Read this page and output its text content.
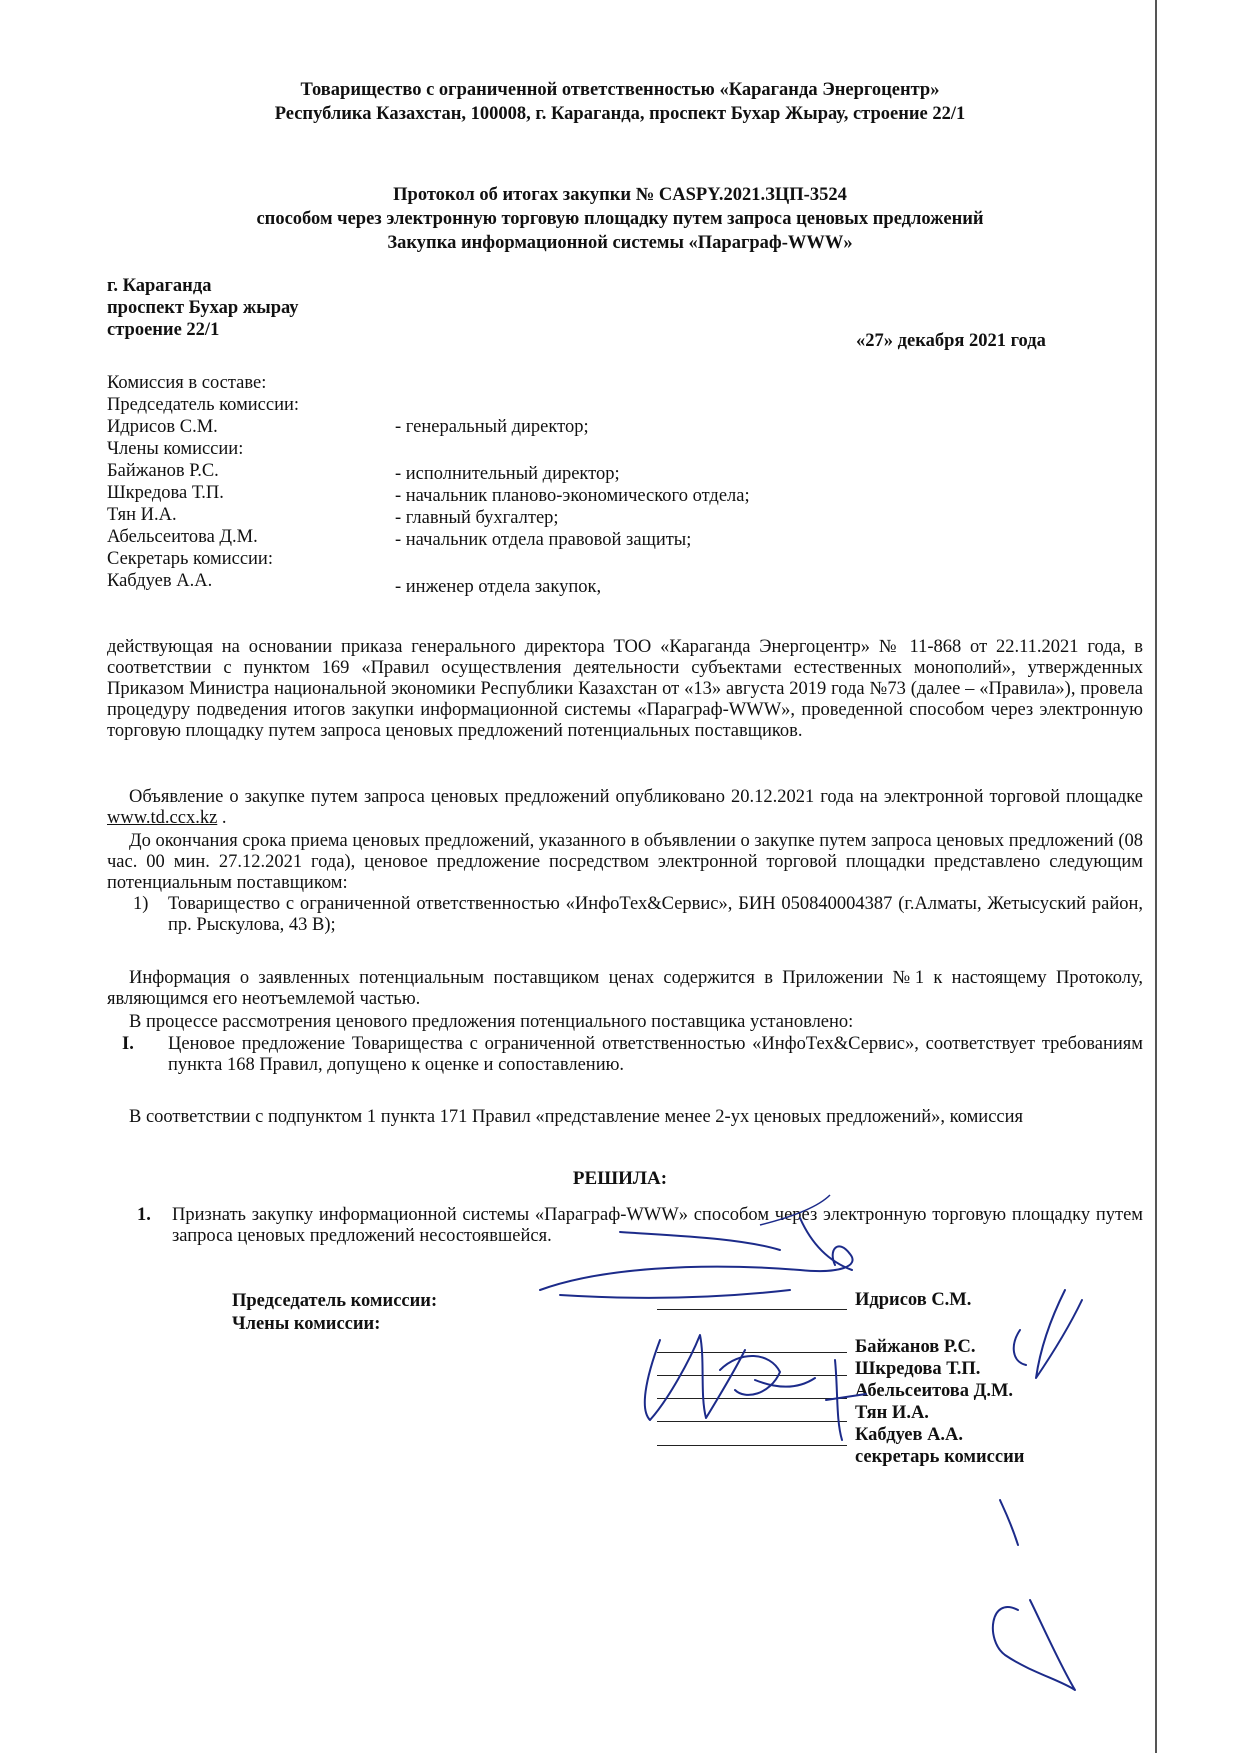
Товарищество с ограниченной ответственностью «Караганда Энергоцентр»
Республика Казахстан, 100008, г. Караганда, проспект Бухар Жырау, строение 22/1
Протокол об итогах закупки № CASPY.2021.ЗЦП-3524
способом через электронную торговую площадку путем запроса ценовых предложений
Закупка информационной системы «Параграф-WWW»
г. Караганда
проспект Бухар жырау
строение 22/1
«27» декабря 2021 года
Комиссия в составе:
Председатель комиссии:
Идрисов С.М.
Члены комиссии:
Байжанов Р.С.
Шкредова Т.П.
Тян И.А.
Абельсеитова Д.М.
Секретарь комиссии:
Кабдуев А.А.
- генеральный директор;
- исполнительный директор;
- начальник планово-экономического отдела;
- главный бухгалтер;
- начальник отдела правовой защиты;
- инженер отдела закупок,
действующая на основании приказа генерального директора ТОО «Караганда Энергоцентр» № 11-868 от 22.11.2021 года, в соответствии с пунктом 169 «Правил осуществления деятельности субъектами естественных монополий», утвержденных Приказом Министра национальной экономики Республики Казахстан от «13» августа 2019 года №73 (далее – «Правила»), провела процедуру подведения итогов закупки информационной системы «Параграф-WWW», проведенной способом через электронную торговую площадку путем запроса ценовых предложений потенциальных поставщиков.
Объявление о закупке путем запроса ценовых предложений опубликовано 20.12.2021 года на электронной торговой площадке www.td.ccx.kz .
До окончания срока приема ценовых предложений, указанного в объявлении о закупке путем запроса ценовых предложений (08 час. 00 мин. 27.12.2021 года), ценовое предложение посредством электронной торговой площадки представлено следующим потенциальным поставщиком:
1) Товарищество с ограниченной ответственностью «ИнфоТех&Сервис», БИН 050840004387 (г.Алматы, Жетысуский район, пр. Рыскулова, 43 В);
Информация о заявленных потенциальным поставщиком ценах содержится в Приложении №1 к настоящему Протоколу, являющимся его неотъемлемой частью.
В процессе рассмотрения ценового предложения потенциального поставщика установлено:
I. Ценовое предложение Товарищества с ограниченной ответственностью «ИнфоТех&Сервис», соответствует требованиям пункта 168 Правил, допущено к оценке и сопоставлению.
В соответствии с подпунктом 1 пункта 171 Правил «представление менее 2-ух ценовых предложений», комиссия
РЕШИЛА:
1. Признать закупку информационной системы «Параграф-WWW» способом через электронную торговую площадку путем запроса ценовых предложений несостоявшейся.
Председатель комиссии:
Члены комиссии:
Идрисов С.М.
Байжанов Р.С.
Шкредова Т.П.
Абельсеитова Д.М.
Тян И.А.
Кабдуев А.А.
секретарь комиссии
